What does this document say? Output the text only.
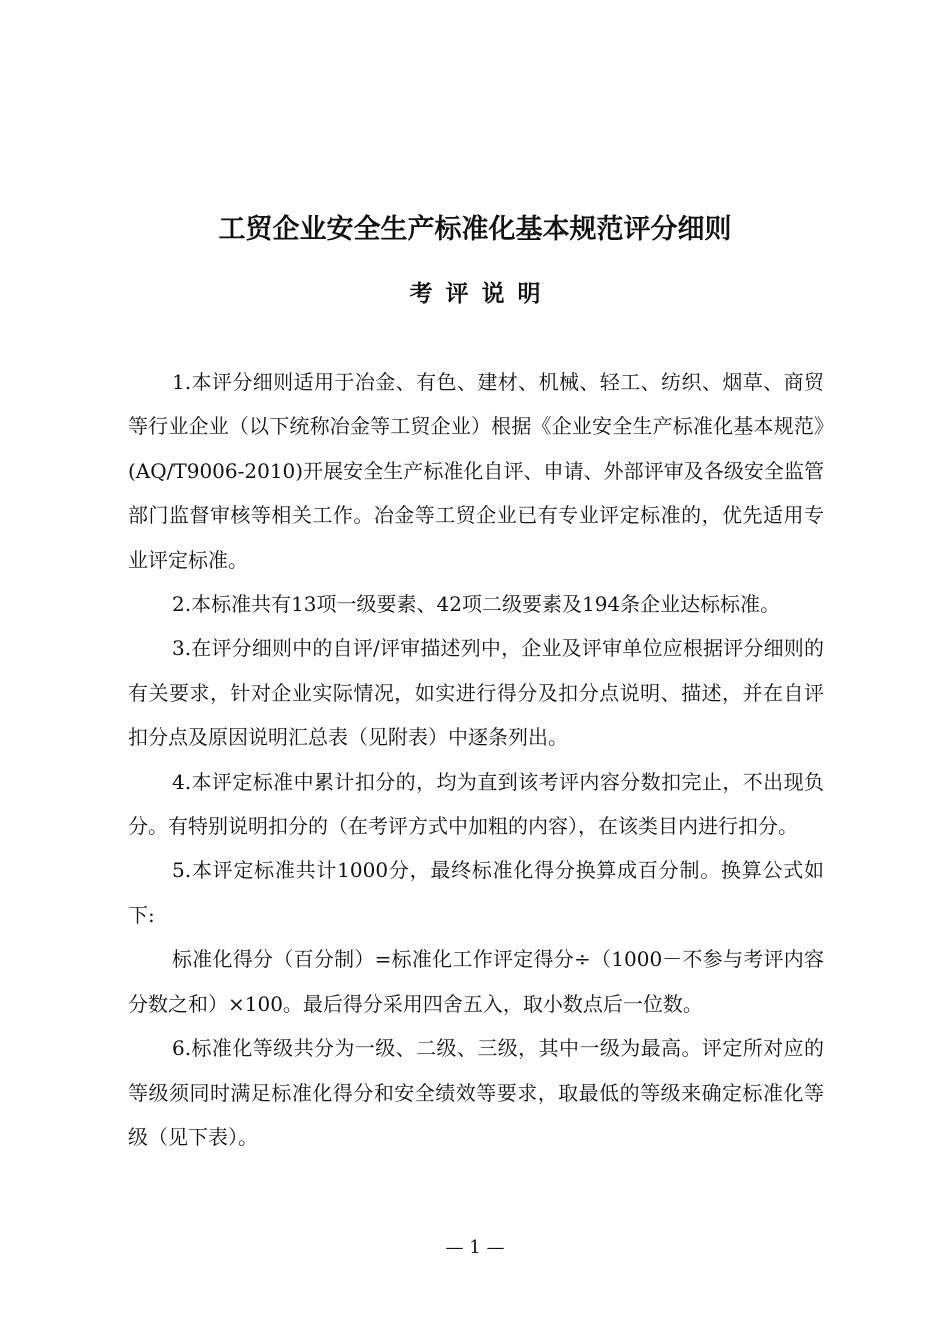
工贸企业安全生产标准化基本规范评分细则
考评说明

1.本评分细则适用于冶金、有色、建材、机械、轻工、纺织、烟草、商贸等行业企业（以下统称冶金等工贸企业）根据《企业安全生产标准化基本规范》(AQ/T9006-2010)开展安全生产标准化自评、申请、外部评审及各级安全监管部门监督审核等相关工作。冶金等工贸企业已有专业评定标准的，优先适用专业评定标准。

2.本标准共有13项一级要素、42项二级要素及194条企业达标标准。

3.在评分细则中的自评/评审描述列中，企业及评审单位应根据评分细则的有关要求，针对企业实际情况，如实进行得分及扣分点说明、描述，并在自评扣分点及原因说明汇总表（见附表）中逐条列出。

4.本评定标准中累计扣分的，均为直到该考评内容分数扣完止，不出现负分。有特别说明扣分的（在考评方式中加粗的内容），在该类目内进行扣分。

5.本评定标准共计1000分，最终标准化得分换算成百分制。换算公式如下:

标准化得分（百分制）=标准化工作评定得分÷（1000－不参与考评内容分数之和）×100。最后得分采用四舍五入，取小数点后一位数。

6.标准化等级共分为一级、二级、三级，其中一级为最高。评定所对应的等级须同时满足标准化得分和安全绩效等要求，取最低的等级来确定标准化等级（见下表）。

— 1 —
